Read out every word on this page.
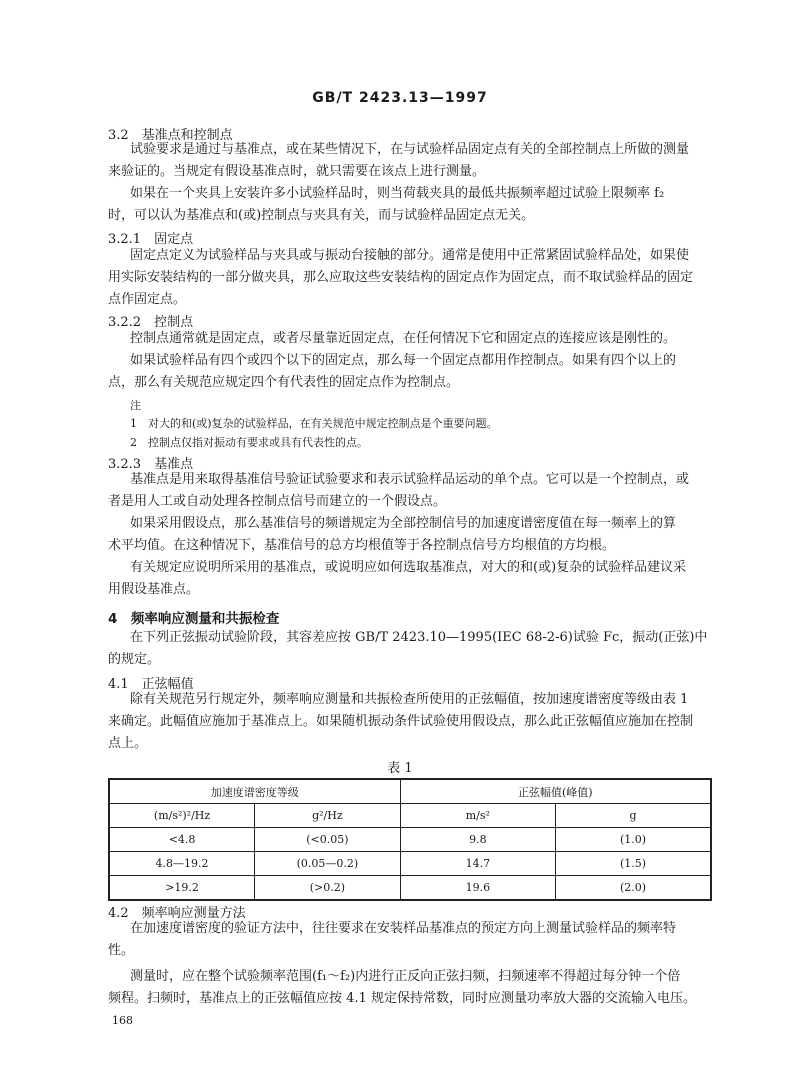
GB/T 2423.13—1997
3.2　基准点和控制点
试验要求是通过与基准点，或在某些情况下，在与试验样品固定点有关的全部控制点上所做的测量
来验证的。当规定有假设基准点时，就只需要在该点上进行测量。
如果在一个夹具上安装许多小试验样品时，则当荷载夹具的最低共振频率超过试验上限频率 f₂
时，可以认为基准点和(或)控制点与夹具有关，而与试验样品固定点无关。
3.2.1　固定点
固定点定义为试验样品与夹具或与振动台接触的部分。通常是使用中正常紧固试验样品处，如果使
用实际安装结构的一部分做夹具，那么应取这些安装结构的固定点作为固定点，而不取试验样品的固定
点作固定点。
3.2.2　控制点
控制点通常就是固定点，或者尽量靠近固定点，在任何情况下它和固定点的连接应该是刚性的。
如果试验样品有四个或四个以下的固定点，那么每一个固定点都用作控制点。如果有四个以上的
点，那么有关规范应规定四个有代表性的固定点作为控制点。
注
1　对大的和(或)复杂的试验样品，在有关规范中规定控制点是个重要问题。
2　控制点仅指对振动有要求或具有代表性的点。
3.2.3　基准点
基准点是用来取得基准信号验证试验要求和表示试验样品运动的单个点。它可以是一个控制点，或
者是用人工或自动处理各控制点信号而建立的一个假设点。
如果采用假设点，那么基准信号的频谱规定为全部控制信号的加速度谱密度值在每一频率上的算
术平均值。在这种情况下，基准信号的总方均根值等于各控制点信号方均根值的方均根。
有关规定应说明所采用的基准点，或说明应如何选取基准点，对大的和(或)复杂的试验样品建议采
用假设基准点。
4　频率响应测量和共振检查
在下列正弦振动试验阶段，其容差应按 GB/T 2423.10—1995(IEC 68-2-6)试验 Fc，振动(正弦)中
的规定。
4.1　正弦幅值
除有关规范另行规定外，频率响应测量和共振检查所使用的正弦幅值，按加速度谱密度等级由表 1
来确定。此幅值应施加于基准点上。如果随机振动条件试验使用假设点，那么此正弦幅值应施加在控制
点上。
表 1
加速度谱密度等级		正弦幅值(峰值)	
(m/s²)²/Hz	g²/Hz	m/s²	g
<4.8	(<0.05)	9.8	(1.0)
4.8—19.2	(0.05—0.2)	14.7	(1.5)
>19.2	(>0.2)	19.6	(2.0)
4.2　频率响应测量方法
在加速度谱密度的验证方法中，往往要求在安装样品基准点的预定方向上测量试验样品的频率特
性。
测量时，应在整个试验频率范围(f₁～f₂)内进行正反向正弦扫频，扫频速率不得超过每分钟一个倍
频程。扫频时，基准点上的正弦幅值应按 4.1 规定保持常数，同时应测量功率放大器的交流输入电压。
168
